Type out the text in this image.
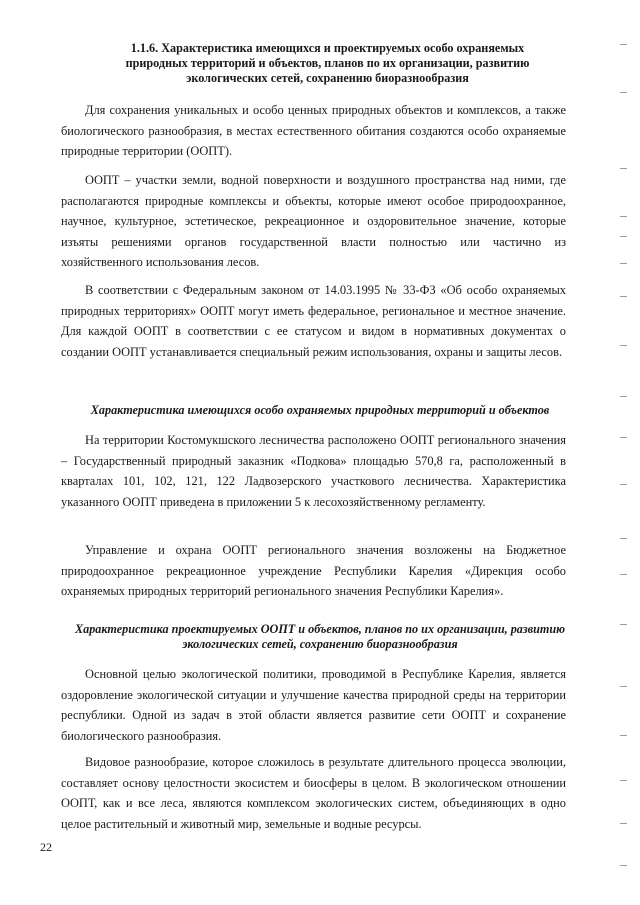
1.1.6. Характеристика имеющихся и проектируемых особо охраняемых природных территорий и объектов, планов по их организации, развитию экологических сетей, сохранению биоразнообразия

Для сохранения уникальных и особо ценных природных объектов и комплексов, а также биологического разнообразия, в местах естественного обитания создаются особо охраняемые природные территории (ООПТ).

ООПТ – участки земли, водной поверхности и воздушного пространства над ними, где располагаются природные комплексы и объекты, которые имеют особое природоохранное, научное, культурное, эстетическое, рекреационное и оздоровительное значение, которые изъяты решениями органов государственной власти полностью или частично из хозяйственного использования лесов.

В соответствии с Федеральным законом от 14.03.1995 № 33-ФЗ «Об особо охраняемых природных территориях» ООПТ могут иметь федеральное, региональное и местное значение. Для каждой ООПТ в соответствии с ее статусом и видом в нормативных документах о создании ООПТ устанавливается специальный режим использования, охраны и защиты лесов.

Характеристика имеющихся особо охраняемых природных территорий и объектов

На территории Костомукшского лесничества расположено ООПТ регионального значения – Государственный природный заказник «Подкова» площадью 570,8 га, расположенный в кварталах 101, 102, 121, 122 Ладвозерского участкового лесничества. Характеристика указанного ООПТ приведена в приложении 5 к лесохозяйственному регламенту.

Управление и охрана ООПТ регионального значения возложены на Бюджетное природоохранное рекреационное учреждение Республики Карелия «Дирекция особо охраняемых природных территорий регионального значения Республики Карелия».

Характеристика проектируемых ООПТ и объектов, планов по их организации, развитию экологических сетей, сохранению биоразнообразия

Основной целью экологической политики, проводимой в Республике Карелия, является оздоровление экологической ситуации и улучшение качества природной среды на территории республики. Одной из задач в этой области является развитие сети ООПТ и сохранение биологического разнообразия.

Видовое разнообразие, которое сложилось в результате длительного процесса эволюции, составляет основу целостности экосистем и биосферы в целом. В экологическом отношении ООПТ, как и все леса, являются комплексом экологических систем, объединяющих в одно целое растительный и животный мир, земельные и водные ресурсы.

22
